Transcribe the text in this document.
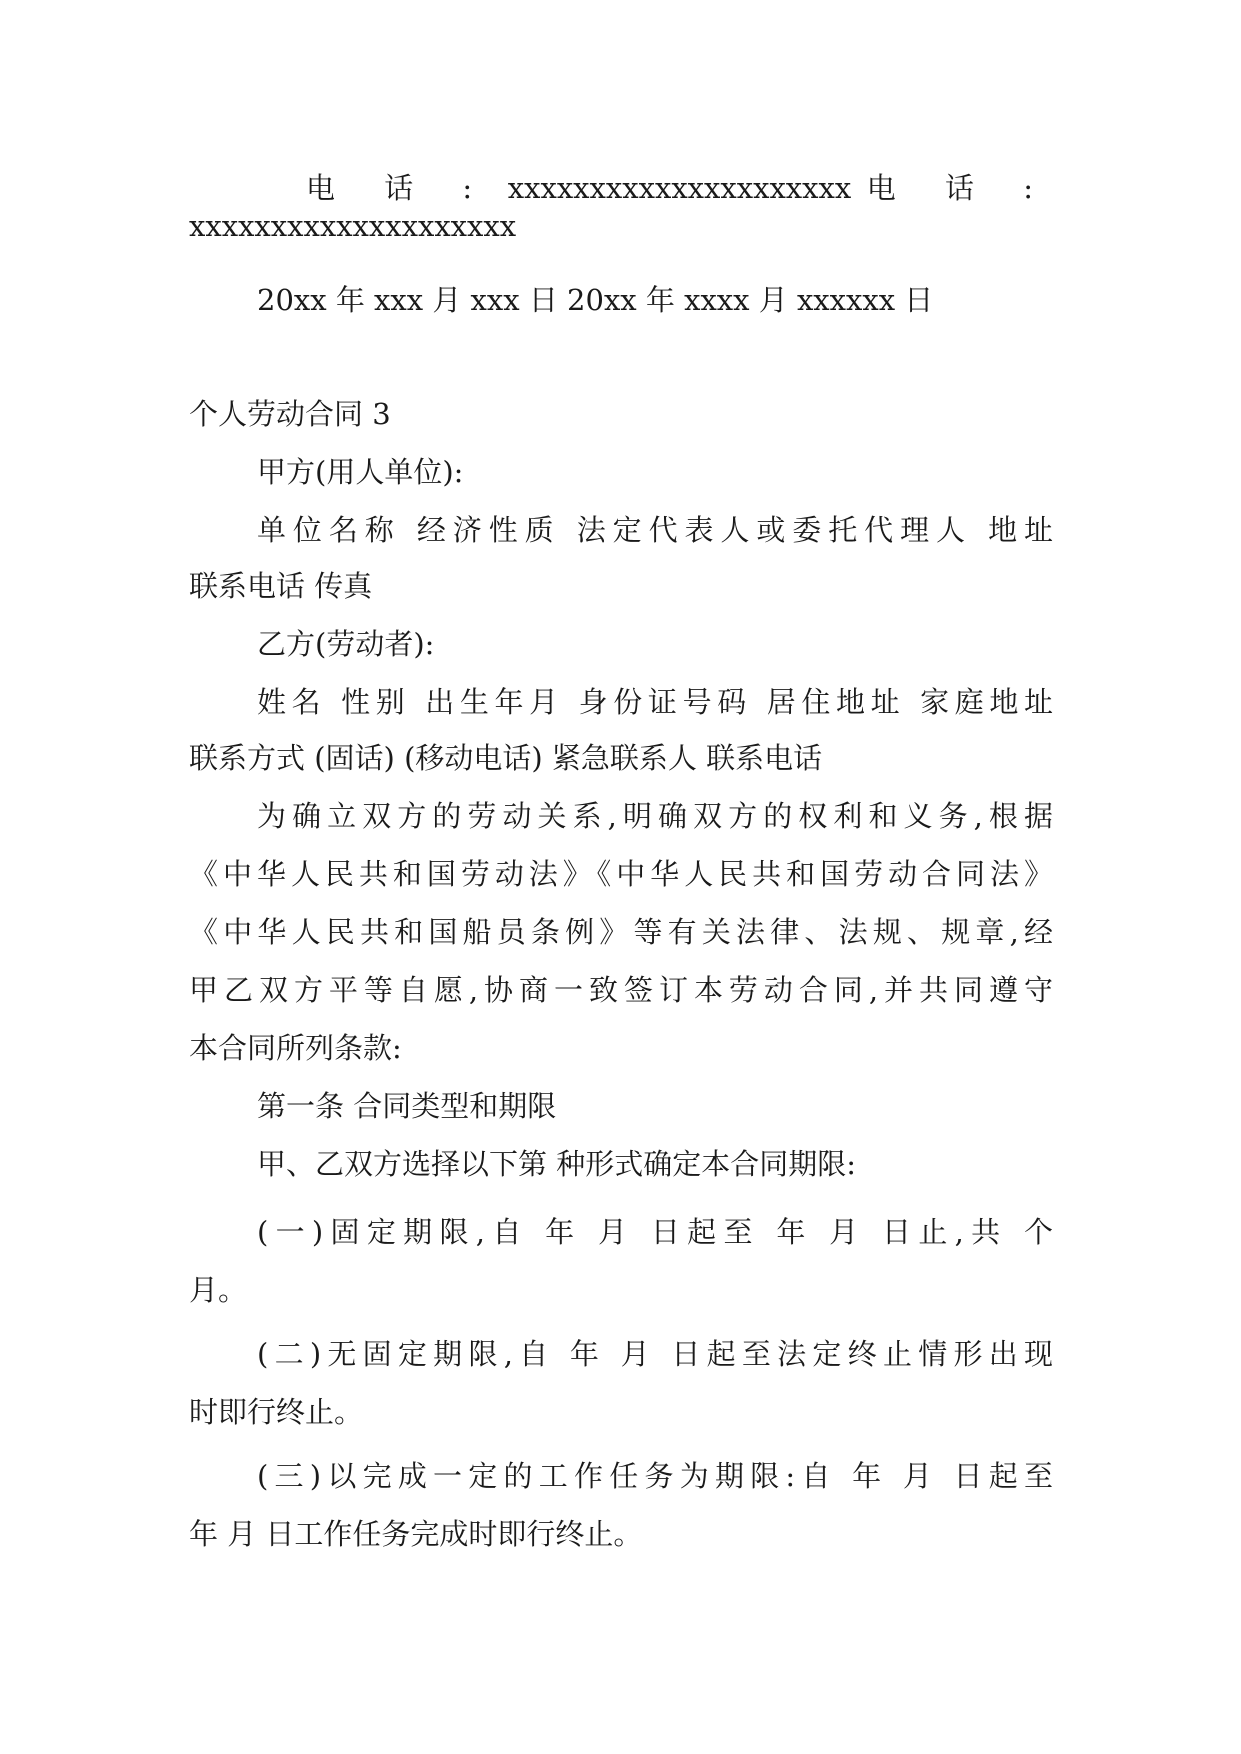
电 话 : xxxxxxxxxxxxxxxxxxxxx 电 话 :
xxxxxxxxxxxxxxxxxxxx
20xx 年 xxx 月 xxx 日 20xx 年 xxxx 月 xxxxxx 日
个人劳动合同 3
甲方(用人单位):
单位名称 经济性质 法定代表人或委托代理人 地址
联系电话 传真
乙方(劳动者):
姓名 性别 出生年月 身份证号码 居住地址 家庭地址
联系方式 (固话) (移动电话) 紧急联系人 联系电话
为确立双方的劳动关系,明确双方的权利和义务,根据
《中华人民共和国劳动法》《中华人民共和国劳动合同法》
《中华人民共和国船员条例》等有关法律、法规、规章,经
甲乙双方平等自愿,协商一致签订本劳动合同,并共同遵守
本合同所列条款:
第一条 合同类型和期限
甲、乙双方选择以下第 种形式确定本合同期限:
(一)固定期限,自 年 月 日起至 年 月 日止,共 个
月。
(二)无固定期限,自 年 月 日起至法定终止情形出现
时即行终止。
(三)以完成一定的工作任务为期限:自 年 月 日起至
年 月 日工作任务完成时即行终止。
